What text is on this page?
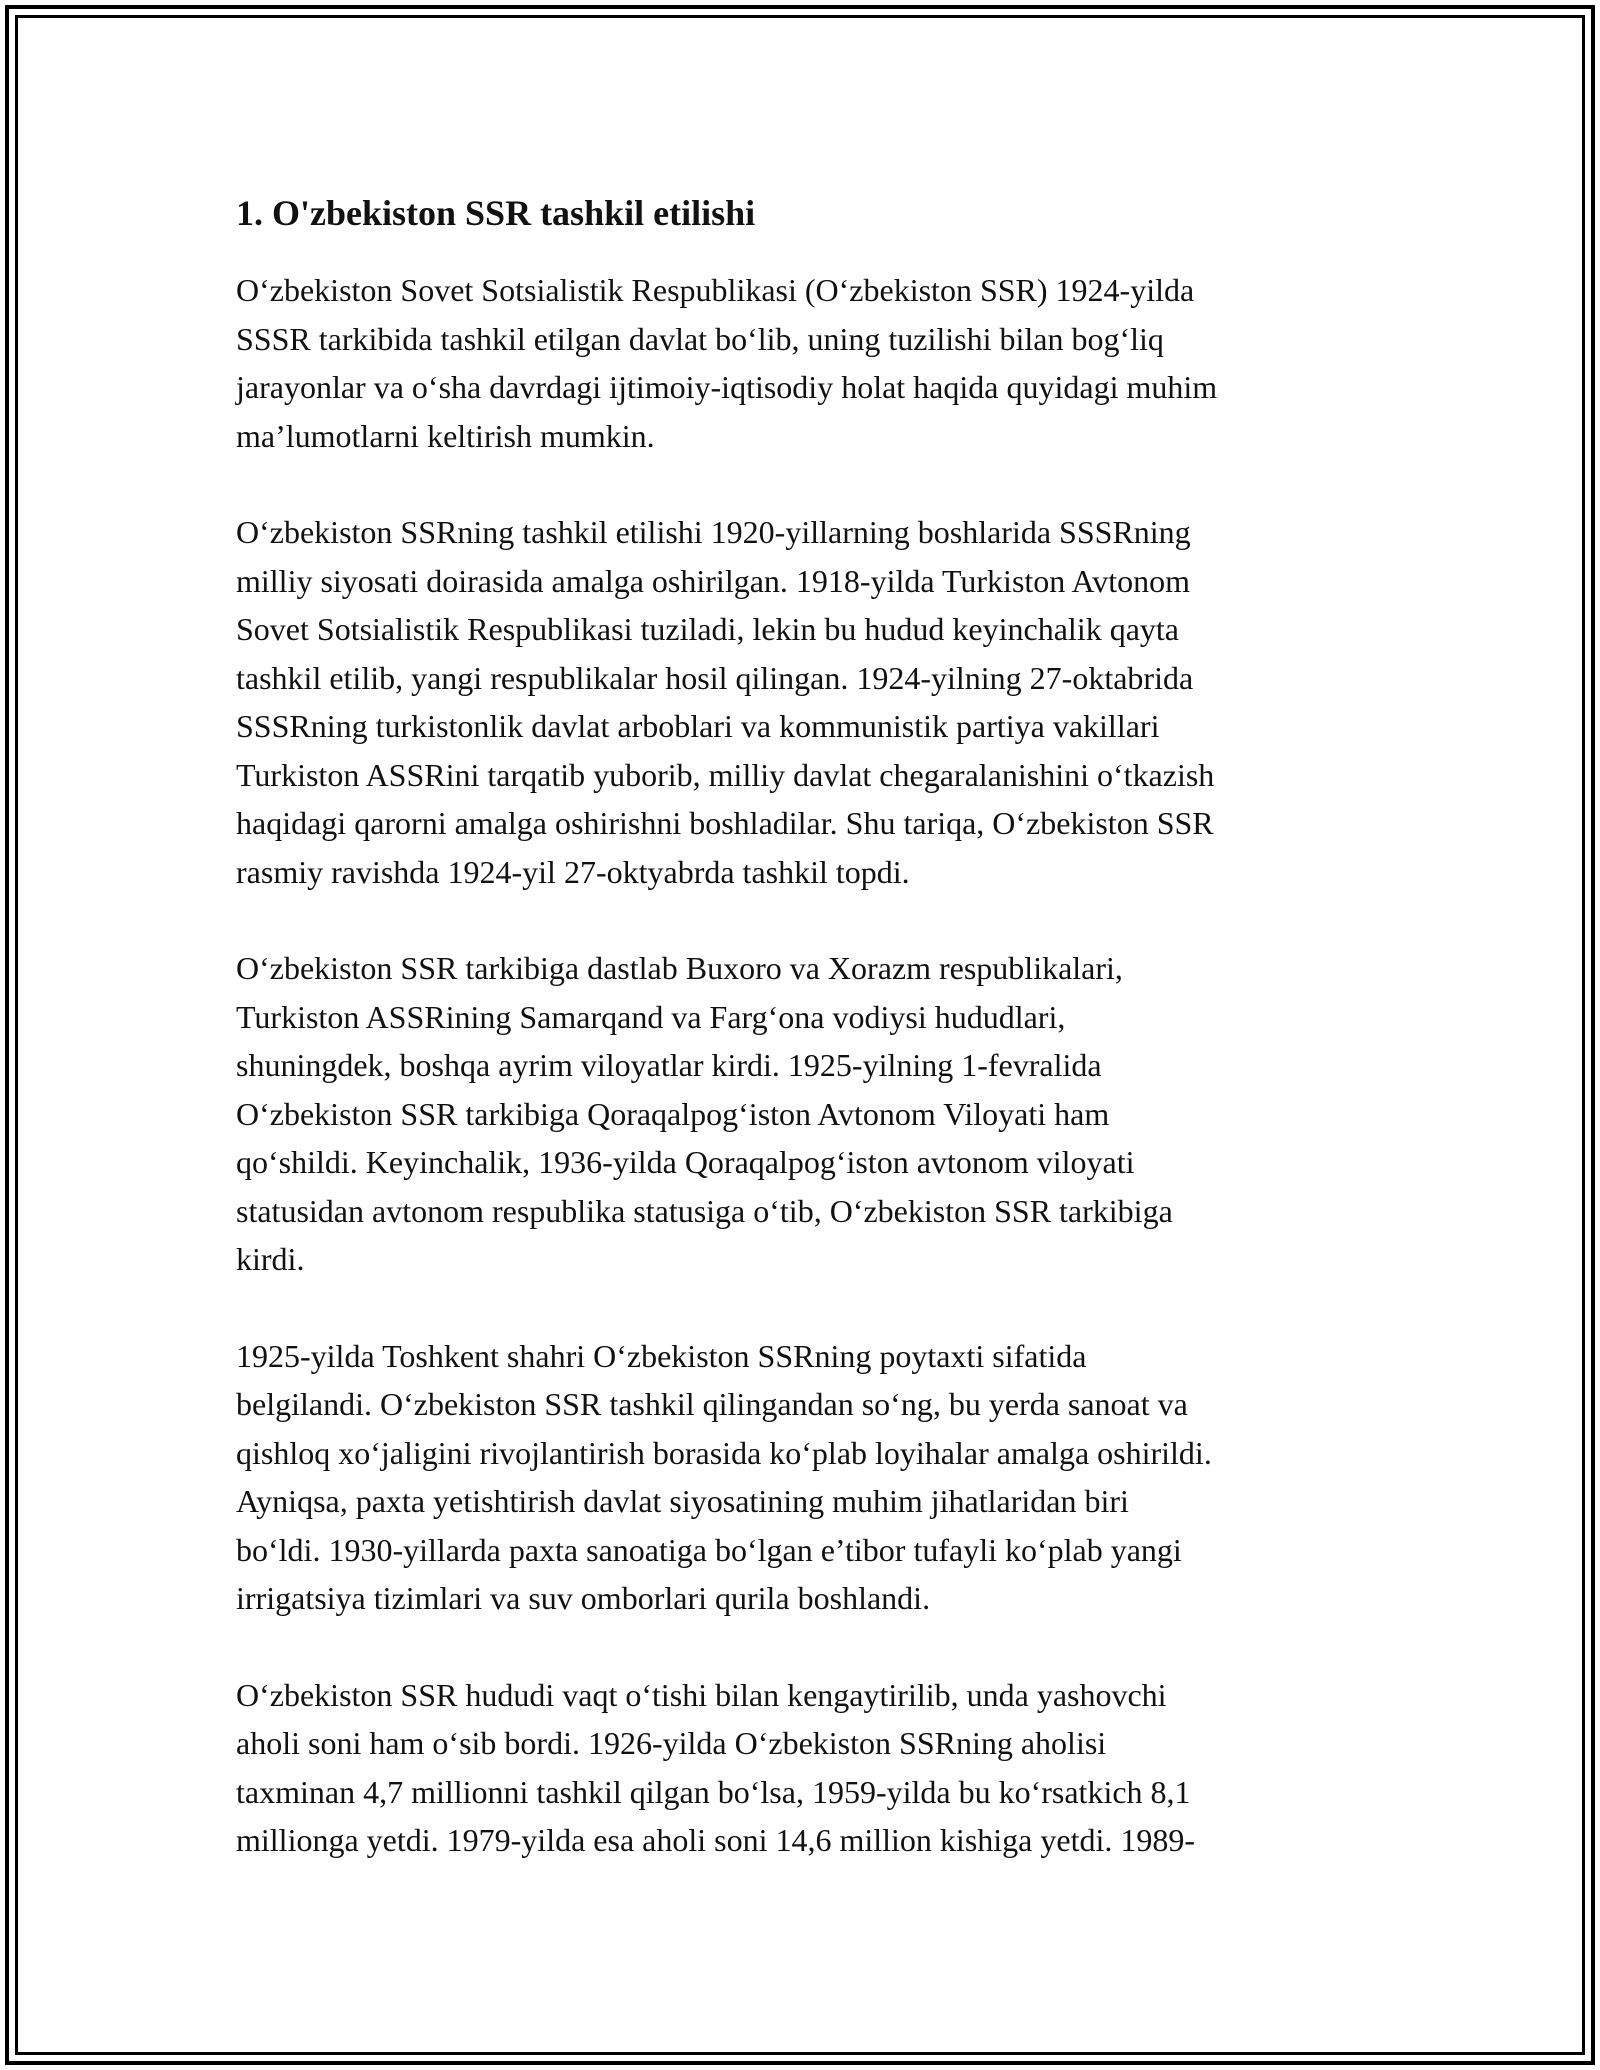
1. O'zbekiston SSR tashkil etilishi

O‘zbekiston Sovet Sotsialistik Respublikasi (O‘zbekiston SSR) 1924-yilda
SSSR tarkibida tashkil etilgan davlat bo‘lib, uning tuzilishi bilan bog‘liq
jarayonlar va o‘sha davrdagi ijtimoiy-iqtisodiy holat haqida quyidagi muhim
ma’lumotlarni keltirish mumkin.

O‘zbekiston SSRning tashkil etilishi 1920-yillarning boshlarida SSSRning
milliy siyosati doirasida amalga oshirilgan. 1918-yilda Turkiston Avtonom
Sovet Sotsialistik Respublikasi tuziladi, lekin bu hudud keyinchalik qayta
tashkil etilib, yangi respublikalar hosil qilingan. 1924-yilning 27-oktabrida
SSSRning turkistonlik davlat arboblari va kommunistik partiya vakillari
Turkiston ASSRini tarqatib yuborib, milliy davlat chegaralanishini o‘tkazish
haqidagi qarorni amalga oshirishni boshladilar. Shu tariqa, O‘zbekiston SSR
rasmiy ravishda 1924-yil 27-oktyabrda tashkil topdi.

O‘zbekiston SSR tarkibiga dastlab Buxoro va Xorazm respublikalari,
Turkiston ASSRining Samarqand va Farg‘ona vodiysi hududlari,
shuningdek, boshqa ayrim viloyatlar kirdi. 1925-yilning 1-fevralida
O‘zbekiston SSR tarkibiga Qoraqalpog‘iston Avtonom Viloyati ham
qo‘shildi. Keyinchalik, 1936-yilda Qoraqalpog‘iston avtonom viloyati
statusidan avtonom respublika statusiga o‘tib, O‘zbekiston SSR tarkibiga
kirdi.

1925-yilda Toshkent shahri O‘zbekiston SSRning poytaxti sifatida
belgilandi. O‘zbekiston SSR tashkil qilingandan so‘ng, bu yerda sanoat va
qishloq xo‘jaligini rivojlantirish borasida ko‘plab loyihalar amalga oshirildi.
Ayniqsa, paxta yetishtirish davlat siyosatining muhim jihatlaridan biri
bo‘ldi. 1930-yillarda paxta sanoatiga bo‘lgan e’tibor tufayli ko‘plab yangi
irrigatsiya tizimlari va suv omborlari qurila boshlandi.

O‘zbekiston SSR hududi vaqt o‘tishi bilan kengaytirilib, unda yashovchi
aholi soni ham o‘sib bordi. 1926-yilda O‘zbekiston SSRning aholisi
taxminan 4,7 millionni tashkil qilgan bo‘lsa, 1959-yilda bu ko‘rsatkich 8,1
millionga yetdi. 1979-yilda esa aholi soni 14,6 million kishiga yetdi. 1989-
